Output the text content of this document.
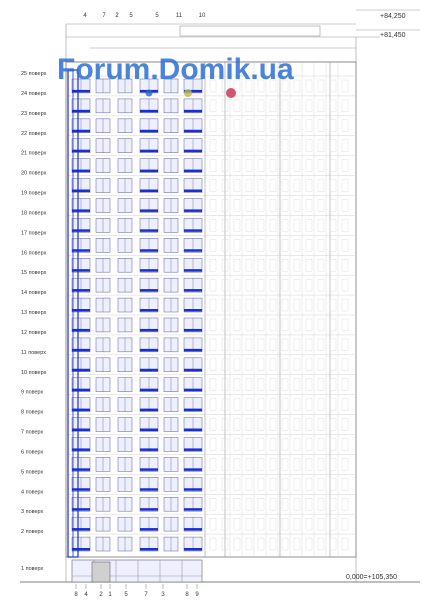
25 поверх
24 поверх
23 поверх
22 поверх
21 поверх
20 поверх
19 поверх
18 поверх
17 поверх
16 поверх
15 поверх
14 поверх
13 поверх
12 поверх
11 поверх
10 поверх
9 поверх
8 поверх
7 поверх
6 поверх
5 поверх
4 поверх
3 поверх
2 поверх
1 поверх
4	7 2 5	5	11	10
8 4 2 1 5	7 3	8 9
Forum.Domik.ua
+84,250
+81,450
0,000=+105,350
